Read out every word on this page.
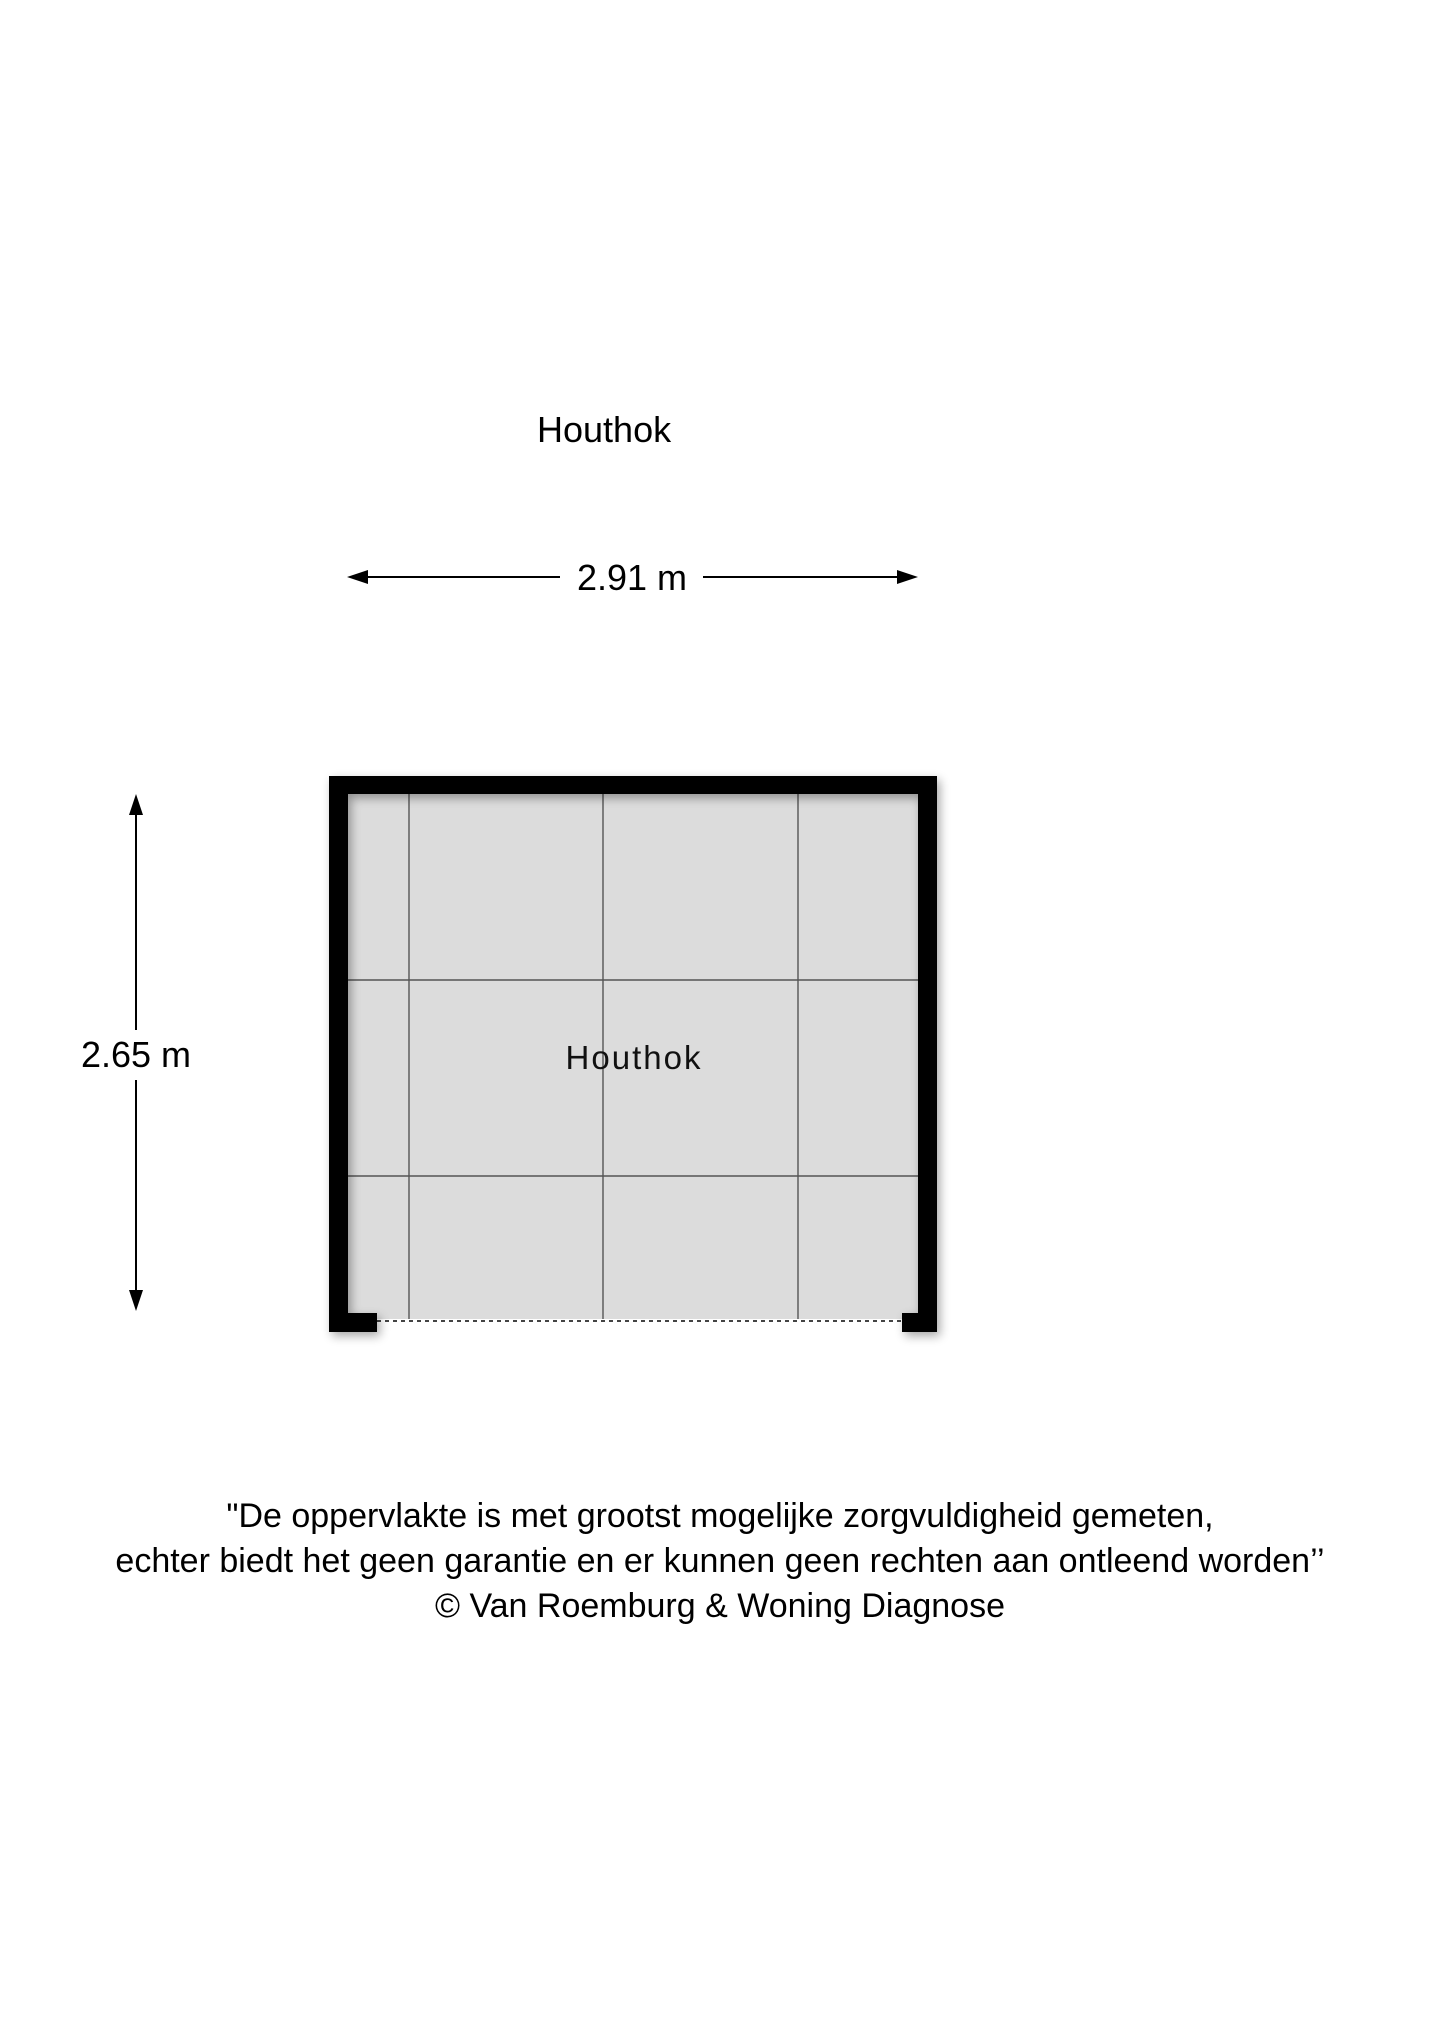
Houthok
2.91 m
2.65 m	Houthok
"De oppervlakte is met grootst mogelijke zorgvuldigheid gemeten,
echter biedt het geen garantie en er kunnen geen rechten aan ontleend worden’’
© Van Roemburg & Woning Diagnose
